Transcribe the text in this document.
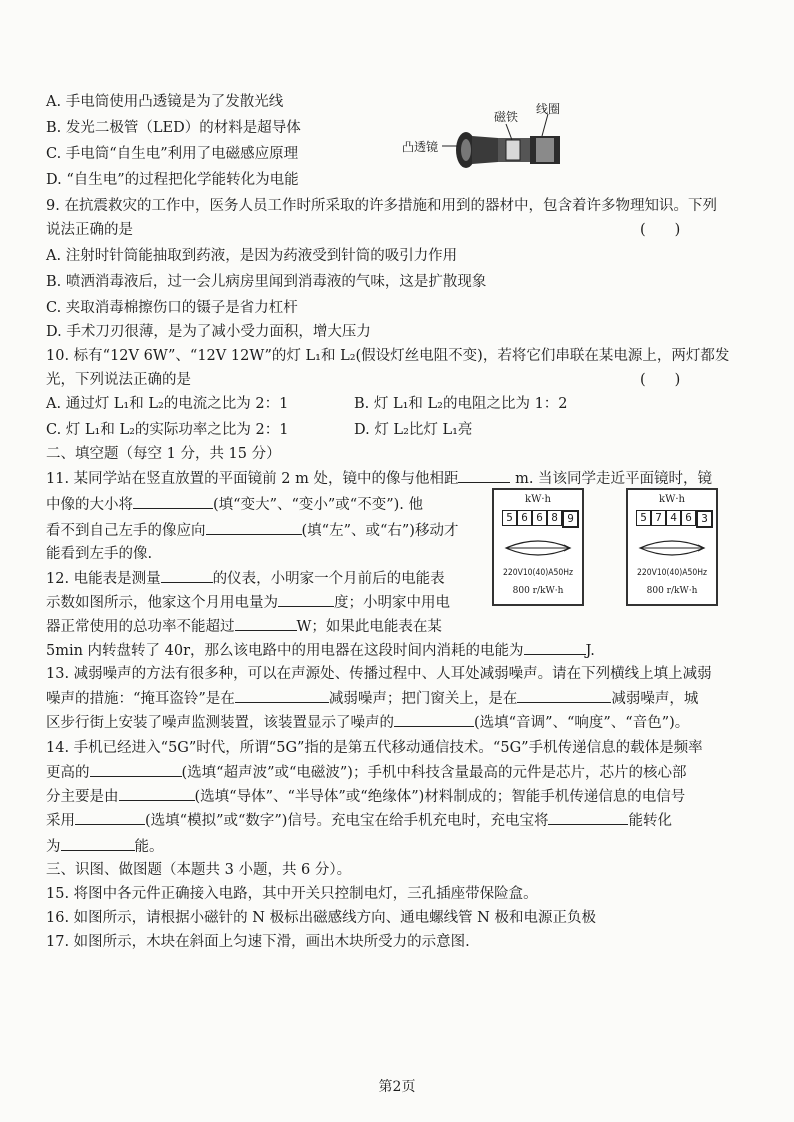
A. 手电筒使用凸透镜是为了发散光线
B. 发光二极管（LED）的材料是超导体
C. 手电筒“自生电”利用了电磁感应原理
D. “自生电”的过程把化学能转化为电能
磁铁
线圈
凸透镜
9. 在抗震救灾的工作中，医务人员工作时所采取的许多措施和用到的器材中，包含着许多物理知识。下列
说法正确的是	(　　)
A. 注射时针筒能抽取到药液，是因为药液受到针筒的吸引力作用
B. 喷洒消毒液后，过一会儿病房里闻到消毒液的气味，这是扩散现象
C. 夹取消毒棉擦伤口的镊子是省力杠杆
D. 手术刀刃很薄，是为了减小受力面积，增大压力
10. 标有“12V 6W”、“12V 12W”的灯 L₁和 L₂(假设灯丝电阻不变)，若将它们串联在某电源上，两灯都发
光，下列说法正确的是	(　　)
A. 通过灯 L₁和 L₂的电流之比为 2：1	B. 灯 L₁和 L₂的电阻之比为 1：2
C. 灯 L₁和 L₂的实际功率之比为 2：1	D. 灯 L₂比灯 L₁亮
二、填空题（每空 1 分，共 15 分）
11. 某同学站在竖直放置的平面镜前 2 m 处，镜中的像与他相距	m. 当该同学走近平面镜时，镜
中像的大小将	(填“变大”、“变小”或“不变”). 他
看不到自己左手的像应向	(填“左”、或“右”)移动才
能看到左手的像.
12. 电能表是测量	的仪表，小明家一个月前后的电能表
示数如图所示，他家这个月用电量为	度；小明家中用电
器正常使用的总功率不能超过	W；如果此电能表在某
5min 内转盘转了 40r，那么该电路中的用电器在这段时间内消耗的电能为	J.
kW·h
5 6 6 8 9
220V10(40)A50Hz
800 r/kW·h
kW·h
5 7 4 6 3
220V10(40)A50Hz
800 r/kW·h
13. 减弱噪声的方法有很多种，可以在声源处、传播过程中、人耳处减弱噪声。请在下列横线上填上减弱
噪声的措施：“掩耳盗铃”是在	减弱噪声；把门窗关上，是在	减弱噪声，城
区步行街上安装了噪声监测装置，该装置显示了噪声的	(选填“音调”、“响度”、“音色”)。
14. 手机已经进入“5G”时代，所谓“5G”指的是第五代移动通信技术。“5G”手机传递信息的载体是频率
更高的	(选填“超声波”或“电磁波”)；手机中科技含量最高的元件是芯片，芯片的核心部
分主要是由	(选填“导体”、“半导体”或“绝缘体”)材料制成的；智能手机传递信息的电信号
采用	(选填“模拟”或“数字”)信号。充电宝在给手机充电时，充电宝将	能转化
为	能。
三、识图、做图题（本题共 3 小题，共 6 分）。
15. 将图中各元件正确接入电路，其中开关只控制电灯，三孔插座带保险盒。
16. 如图所示，请根据小磁针的 N 极标出磁感线方向、通电螺线管 N 极和电源正负极
17. 如图所示，木块在斜面上匀速下滑，画出木块所受力的示意图.
第2页
